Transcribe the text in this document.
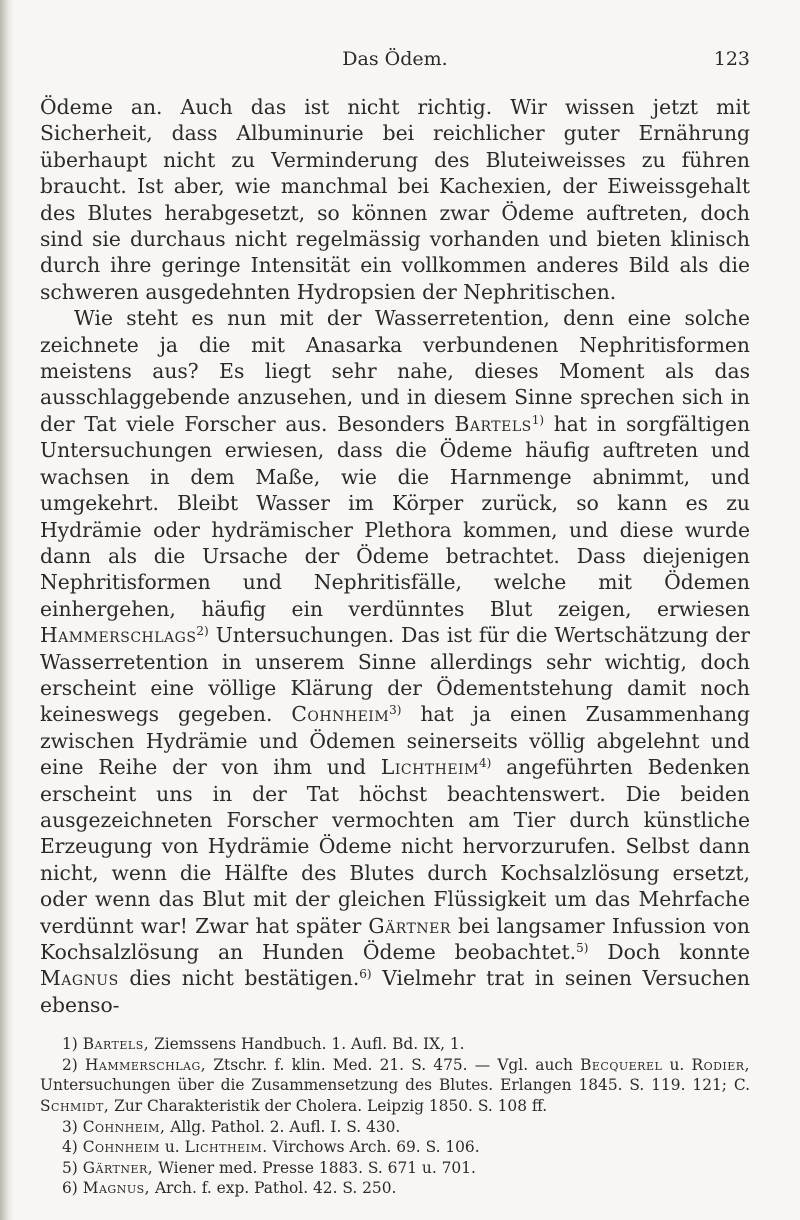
Das Ödem.	123

Ödeme an. Auch das ist nicht richtig. Wir wissen jetzt mit Sicherheit, dass Albuminurie bei reichlicher guter Ernährung überhaupt nicht zu Verminderung des Bluteiweisses zu führen braucht. Ist aber, wie manchmal bei Kachexien, der Eiweissgehalt des Blutes herabgesetzt, so können zwar Ödeme auftreten, doch sind sie durchaus nicht regelmässig vorhanden und bieten klinisch durch ihre geringe Intensität ein vollkommen anderes Bild als die schweren ausgedehnten Hydropsien der Nephritischen.

Wie steht es nun mit der Wasserretention, denn eine solche zeichnete ja die mit Anasarka verbundenen Nephritisformen meistens aus? Es liegt sehr nahe, dieses Moment als das ausschlaggebende anzusehen, und in diesem Sinne sprechen sich in der Tat viele Forscher aus. Besonders Bartels$^{1)}$ hat in sorgfältigen Untersuchungen erwiesen, dass die Ödeme häufig auftreten und wachsen in dem Maße, wie die Harnmenge abnimmt, und umgekehrt. Bleibt Wasser im Körper zurück, so kann es zu Hydrämie oder hydrämischer Plethora kommen, und diese wurde dann als die Ursache der Ödeme betrachtet. Dass diejenigen Nephritisformen und Nephritisfälle, welche mit Ödemen einhergehen, häufig ein verdünntes Blut zeigen, erwiesen Hammerschlags$^{2)}$ Untersuchungen. Das ist für die Wertschätzung der Wasserretention in unserem Sinne allerdings sehr wichtig, doch erscheint eine völlige Klärung der Ödementstehung damit noch keineswegs gegeben. Cohnheim$^{3)}$ hat ja einen Zusammenhang zwischen Hydrämie und Ödemen seinerseits völlig abgelehnt und eine Reihe der von ihm und Lichtheim$^{4)}$ angeführten Bedenken erscheint uns in der Tat höchst beachtenswert. Die beiden ausgezeichneten Forscher vermochten am Tier durch künstliche Erzeugung von Hydrämie Ödeme nicht hervorzurufen. Selbst dann nicht, wenn die Hälfte des Blutes durch Kochsalzlösung ersetzt, oder wenn das Blut mit der gleichen Flüssigkeit um das Mehrfache verdünnt war! Zwar hat später Gärtner bei langsamer Infussion von Kochsalzlösung an Hunden Ödeme beobachtet.$^{5)}$ Doch konnte Magnus dies nicht bestätigen.$^{6)}$ Vielmehr trat in seinen Versuchen ebenso-

1) Bartels, Ziemssens Handbuch. 1. Aufl. Bd. IX, 1.

2) Hammerschlag, Ztschr. f. klin. Med. 21. S. 475. — Vgl. auch Becquerel u. Rodier, Untersuchungen über die Zusammensetzung des Blutes. Erlangen 1845. S. 119. 121; C. Schmidt, Zur Charakteristik der Cholera. Leipzig 1850. S. 108 ff.

3) Cohnheim, Allg. Pathol. 2. Aufl. I. S. 430.

4) Cohnheim u. Lichtheim. Virchows Arch. 69. S. 106.

5) Gärtner, Wiener med. Presse 1883. S. 671 u. 701.

6) Magnus, Arch. f. exp. Pathol. 42. S. 250.
